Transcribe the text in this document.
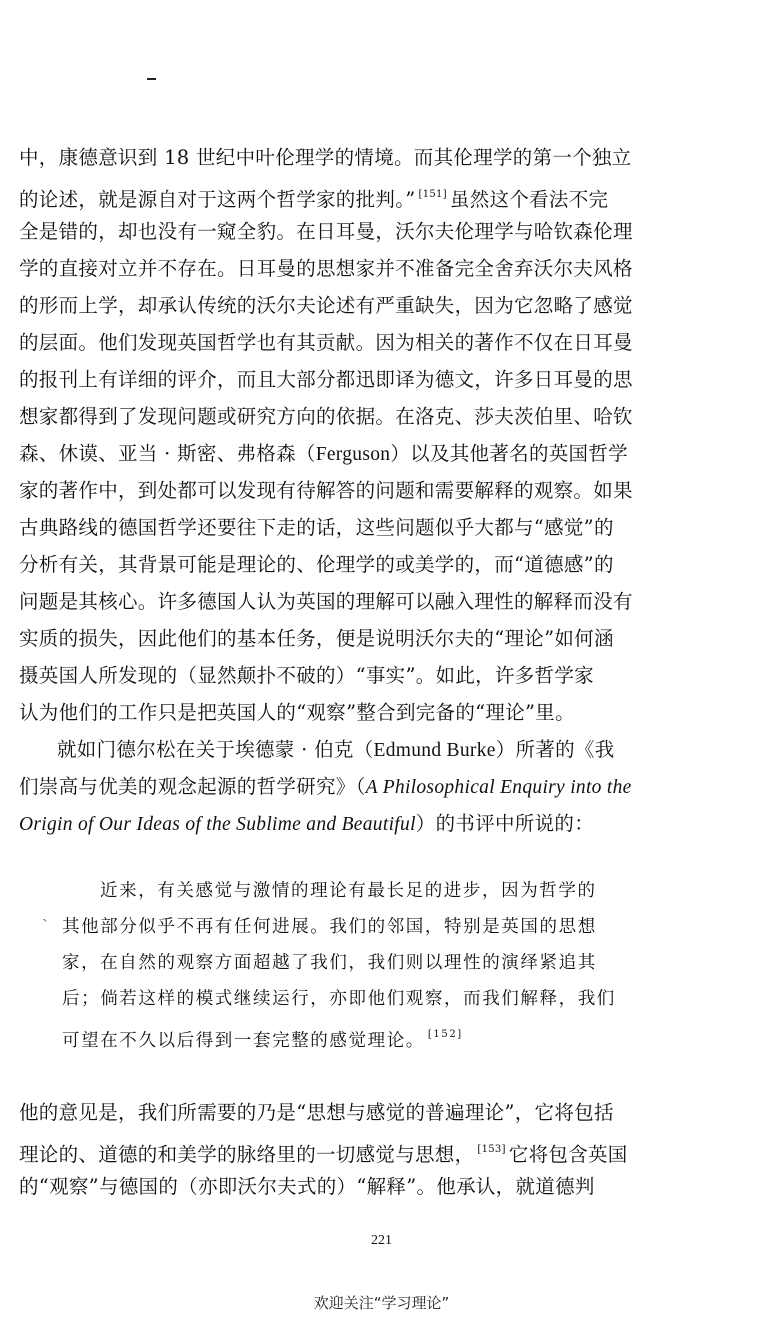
中，康德意识到 18 世纪中叶伦理学的情境。而其伦理学的第一个独立
的论述，就是源自对于这两个哲学家的批判。” [151] 虽然这个看法不完
全是错的，却也没有一窥全豹。在日耳曼，沃尔夫伦理学与哈钦森伦理
学的直接对立并不存在。日耳曼的思想家并不准备完全舍弃沃尔夫风格
的形而上学，却承认传统的沃尔夫论述有严重缺失，因为它忽略了感觉
的层面。他们发现英国哲学也有其贡献。因为相关的著作不仅在日耳曼
的报刊上有详细的评介，而且大部分都迅即译为德文，许多日耳曼的思
想家都得到了发现问题或研究方向的依据。在洛克、莎夫茨伯里、哈钦
森、休谟、亚当 · 斯密、弗格森（Ferguson）以及其他著名的英国哲学
家的著作中，到处都可以发现有待解答的问题和需要解释的观察。如果
古典路线的德国哲学还要往下走的话，这些问题似乎大都与“感觉”的
分析有关，其背景可能是理论的、伦理学的或美学的，而“道德感”的
问题是其核心。许多德国人认为英国的理解可以融入理性的解释而没有
实质的损失，因此他们的基本任务，便是说明沃尔夫的“理论”如何涵
摄英国人所发现的（显然颠扑不破的）“事实”。如此，许多哲学家
认为他们的工作只是把英国人的“观察”整合到完备的“理论”里。
就如门德尔松在关于埃德蒙 · 伯克（Edmund Burke）所著的《我
们崇高与优美的观念起源的哲学研究》（A Philosophical Enquiry into the
Origin of Our Ideas of the Sublime and Beautiful）的书评中所说的：
`
近来，有关感觉与激情的理论有最长足的进步，因为哲学的
其他部分似乎不再有任何进展。我们的邻国，特别是英国的思想
家，在自然的观察方面超越了我们，我们则以理性的演绎紧追其
后；倘若这样的模式继续运行，亦即他们观察，而我们解释，我们
可望在不久以后得到一套完整的感觉理论。 [152]
他的意见是，我们所需要的乃是“思想与感觉的普遍理论”，它将包括
理论的、道德的和美学的脉络里的一切感觉与思想， [153] 它将包含英国
的“观察”与德国的（亦即沃尔夫式的）“解释”。他承认，就道德判
221
欢迎关注“学习理论”
